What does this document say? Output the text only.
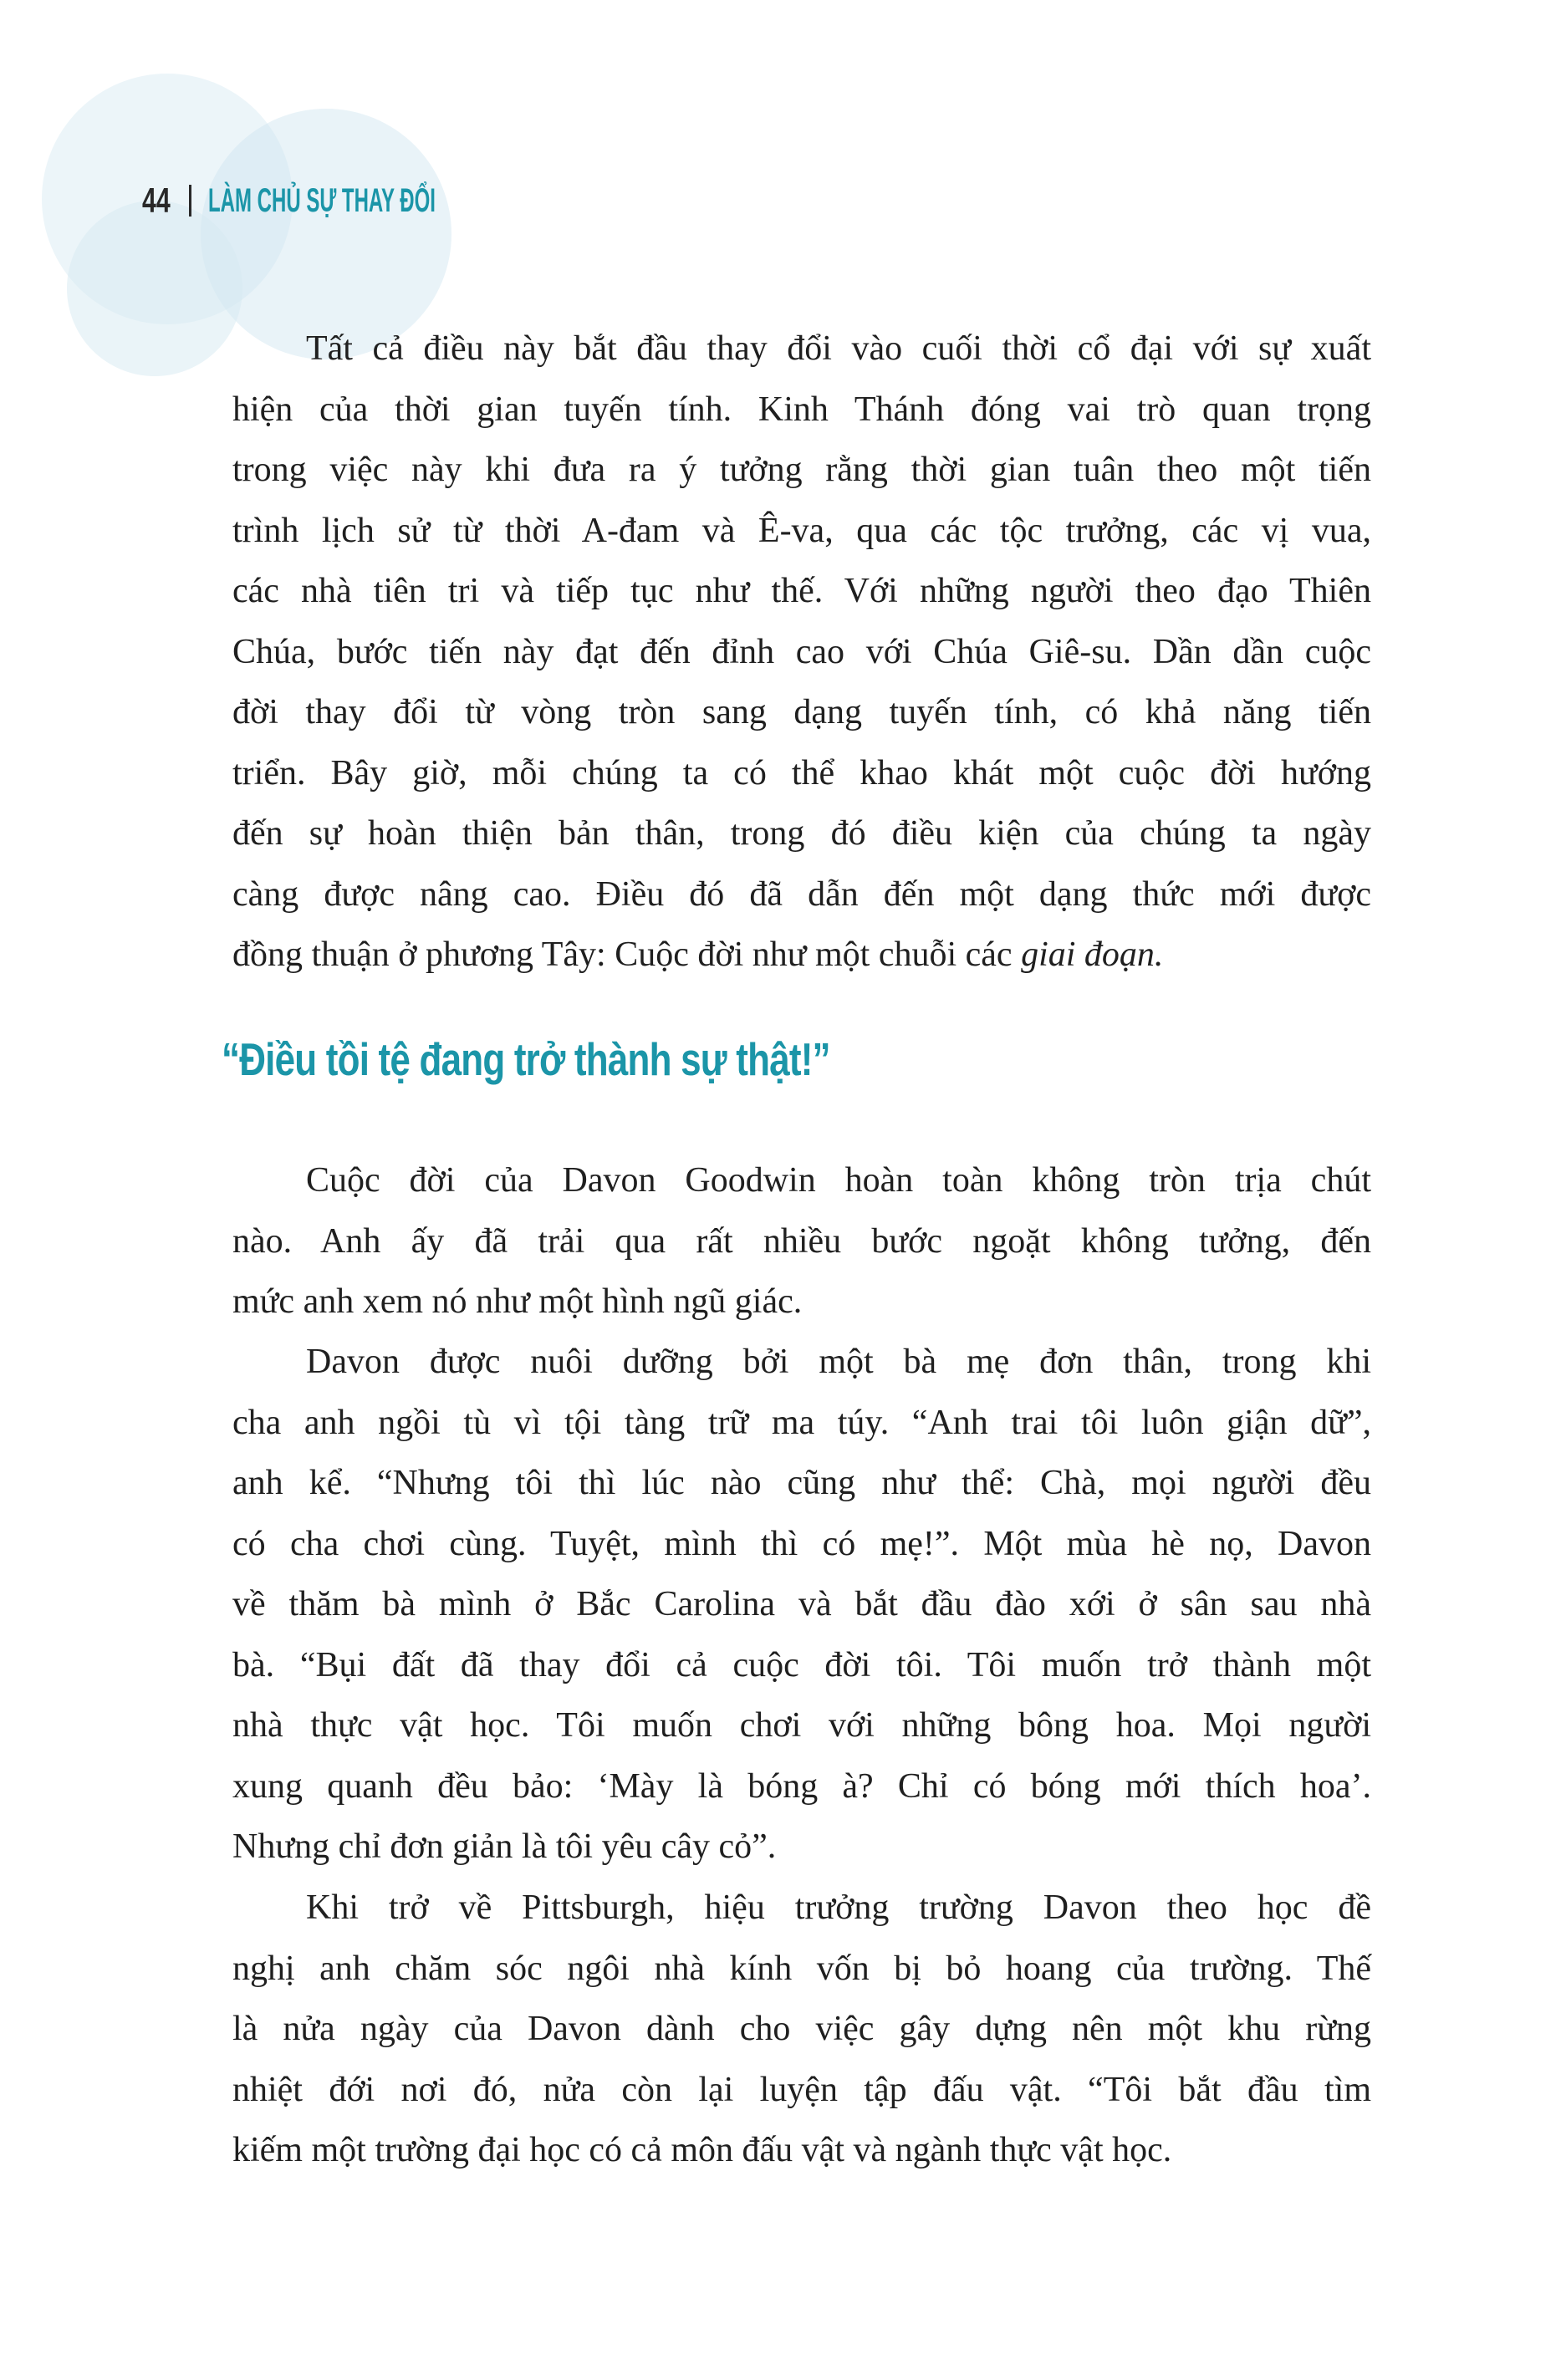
44	LÀM CHỦ SỰ THAY ĐỔI
Tất cả điều này bắt đầu thay đổi vào cuối thời cổ đại với sự xuất
hiện của thời gian tuyến tính. Kinh Thánh đóng vai trò quan trọng
trong việc này khi đưa ra ý tưởng rằng thời gian tuân theo một tiến
trình lịch sử từ thời A-đam và Ê-va, qua các tộc trưởng, các vị vua,
các nhà tiên tri và tiếp tục như thế. Với những người theo đạo Thiên
Chúa, bước tiến này đạt đến đỉnh cao với Chúa Giê-su. Dần dần cuộc
đời thay đổi từ vòng tròn sang dạng tuyến tính, có khả năng tiến
triển. Bây giờ, mỗi chúng ta có thể khao khát một cuộc đời hướng
đến sự hoàn thiện bản thân, trong đó điều kiện của chúng ta ngày
càng được nâng cao. Điều đó đã dẫn đến một dạng thức mới được
đồng thuận ở phương Tây: Cuộc đời như một chuỗi các giai đoạn.
“Điều tồi tệ đang trở thành sự thật!”
Cuộc đời của Davon Goodwin hoàn toàn không tròn trịa chút
nào. Anh ấy đã trải qua rất nhiều bước ngoặt không tưởng, đến
mức anh xem nó như một hình ngũ giác.
Davon được nuôi dưỡng bởi một bà mẹ đơn thân, trong khi
cha anh ngồi tù vì tội tàng trữ ma túy. “Anh trai tôi luôn giận dữ”,
anh kể. “Nhưng tôi thì lúc nào cũng như thể: Chà, mọi người đều
có cha chơi cùng. Tuyệt, mình thì có mẹ!”. Một mùa hè nọ, Davon
về thăm bà mình ở Bắc Carolina và bắt đầu đào xới ở sân sau nhà
bà. “Bụi đất đã thay đổi cả cuộc đời tôi. Tôi muốn trở thành một
nhà thực vật học. Tôi muốn chơi với những bông hoa. Mọi người
xung quanh đều bảo: ‘Mày là bóng à? Chỉ có bóng mới thích hoa’.
Nhưng chỉ đơn giản là tôi yêu cây cỏ”.
Khi trở về Pittsburgh, hiệu trưởng trường Davon theo học đề
nghị anh chăm sóc ngôi nhà kính vốn bị bỏ hoang của trường. Thế
là nửa ngày của Davon dành cho việc gây dựng nên một khu rừng
nhiệt đới nơi đó, nửa còn lại luyện tập đấu vật. “Tôi bắt đầu tìm
kiếm một trường đại học có cả môn đấu vật và ngành thực vật học.
